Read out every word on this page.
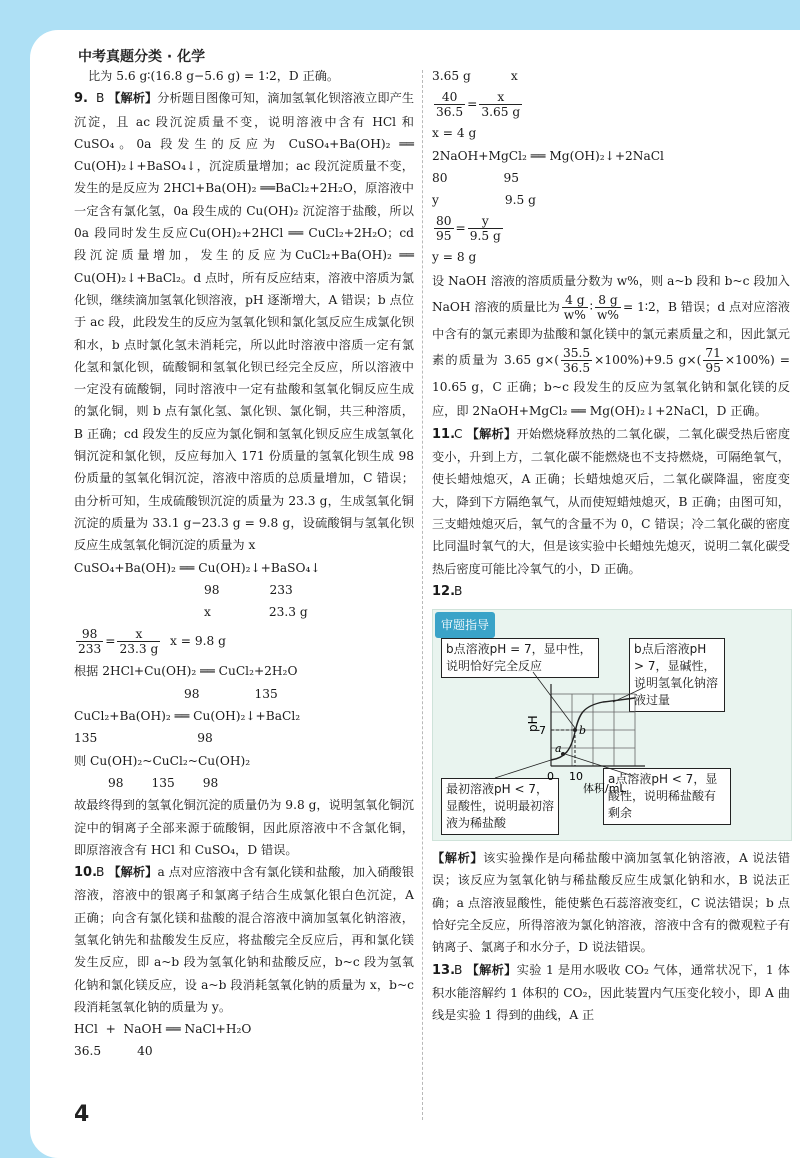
中考真题分类 · 化学

比为 5.6 g∶(16.8 g−5.6 g) = 1∶2，D 正确。

9. B 【解析】分析题目图像可知，滴加氢氧化钡溶液立即产生沉淀，且 ac 段沉淀质量不变，说明溶液中含有 HCl 和CuSO₄。0a 段发生的反应为 CuSO₄+Ba(OH)₂ ══ Cu(OH)₂↓+BaSO₄↓，沉淀质量增加；ac 段沉淀质量不变，发生的是反应为 2HCl+Ba(OH)₂ ══BaCl₂+2H₂O，原溶液中一定含有氯化氢，0a 段生成的 Cu(OH)₂ 沉淀溶于盐酸，所以 0a 段同时发生反应Cu(OH)₂+2HCl ══ CuCl₂+2H₂O；cd 段沉淀质量增加，发生的反应为CuCl₂+Ba(OH)₂ ══ Cu(OH)₂↓+BaCl₂。d 点时，所有反应结束，溶液中溶质为氯化钡，继续滴加氢氧化钡溶液，pH 逐渐增大，A 错误；b 点位于 ac 段，此段发生的反应为氢氧化钡和氯化氢反应生成氯化钡和水，b 点时氯化氢未消耗完，所以此时溶液中溶质一定有氯化氢和氯化钡，硫酸铜和氢氧化钡已经完全反应，所以溶液中一定没有硫酸铜，同时溶液中一定有盐酸和氢氧化铜反应生成的氯化铜，则 b 点有氯化氢、氯化钡、氯化铜，共三种溶质，B 正确；cd 段发生的反应为氯化铜和氢氧化钡反应生成氢氧化铜沉淀和氯化钡，反应每加入 171 份质量的氢氧化钡生成 98 份质量的氢氧化铜沉淀，溶液中溶质的总质量增加，C 错误；由分析可知，生成硫酸钡沉淀的质量为 23.3 g，生成氢氧化铜沉淀的质量为 33.1 g−23.3 g = 9.8 g，设硫酸铜与氢氧化钡反应生成氢氧化铜沉淀的质量为 x

CuSO₄+Ba(OH)₂ ══ Cu(OH)₂↓+BaSO₄↓

98	233

x	23.3 g

$\frac{98}{233} = \frac{x}{23.3 g}$ x = 9.8 g

根据 2HCl+Cu(OH)₂ ══ CuCl₂+2H₂O

98	135

CuCl₂+Ba(OH)₂ ══ Cu(OH)₂↓+BaCl₂

135	98

则 Cu(OH)₂~CuCl₂~Cu(OH)₂

98 135 98

故最终得到的氢氧化铜沉淀的质量仍为 9.8 g，说明氢氧化铜沉淀中的铜离子全部来源于硫酸铜，因此原溶液中不含氯化铜，即原溶液含有 HCl 和 CuSO₄，D 错误。

10.B 【解析】a 点对应溶液中含有氯化镁和盐酸，加入硝酸银溶液，溶液中的银离子和氯离子结合生成氯化银白色沉淀，A 正确；向含有氯化镁和盐酸的混合溶液中滴加氢氧化钠溶液，氢氧化钠先和盐酸发生反应，将盐酸完全反应后，再和氯化镁发生反应，即 a~b 段为氢氧化钠和盐酸反应，b~c 段为氢氧化钠和氯化镁反应，设 a~b 段消耗氢氧化钠的质量为 x，b~c 段消耗氢氧化钠的质量为 y。

HCl  +  NaOH ══ NaCl+H₂O

36.5	40

3.65 g	x

$\frac{40}{36.5} = \frac{x}{3.65 g}$

x = 4 g

2NaOH+MgCl₂ ══ Mg(OH)₂↓+2NaCl

80	95

y	9.5 g

$\frac{80}{95} = \frac{y}{9.5 g}$

y = 8 g

设 NaOH 溶液的溶质质量分数为 w%，则 a~b 段和 b~c 段加入 NaOH 溶液的质量比为 $\frac{4 g}{w\%}$ ∶ $\frac{8 g}{w\%}$ = 1∶2，B 错误；d 点对应溶液中含有的氯元素即为盐酸和氯化镁中的氯元素质量之和，因此氯元素的质量为 3.65 $g\times( \frac{35.5}{36.5} \times 100\%)+9.5$ $g\times( \frac{71}{95} \times 100\%) = 10.65$ g，C 正确；b~c 段发生的反应为氢氧化钠和氯化镁的反应，即 2NaOH+MgCl₂ ══ Mg(OH)₂↓+2NaCl，D 正确。

11.C 【解析】开始燃烧释放热的二氧化碳，二氧化碳受热后密度变小，升到上方，二氧化碳不能燃烧也不支持燃烧，可隔绝氧气，使长蜡烛熄灭，A 正确；长蜡烛熄灭后，二氧化碳降温，密度变大，降到下方隔绝氧气，从而使短蜡烛熄灭，B 正确；由图可知，三支蜡烛熄灭后，氧气的含量不为 0，C 错误；冷二氧化碳的密度比同温时氧气的大，但是该实验中长蜡烛先熄灭，说明二氧化碳受热后密度可能比冷氧气的小，D 正确。

12.B

审题指导
b点溶液pH = 7，显中性，说明恰好完全反应
b点后溶液pH > 7，显碱性，说明氢氧化钠溶液过量
最初溶液pH < 7，显酸性，说明最初溶液为稀盐酸
a点溶液pH < 7，显酸性，说明稀盐酸有剩余
pH 7
0 10
体积/mL
a
b

【解析】该实验操作是向稀盐酸中滴加氢氧化钠溶液，A 说法错误；该反应为氢氧化钠与稀盐酸反应生成氯化钠和水，B 说法正确；a 点溶液显酸性，能使紫色石蕊溶液变红，C 说法错误；b 点恰好完全反应，所得溶液为氯化钠溶液，溶液中含有的微观粒子有钠离子、氯离子和水分子，D 说法错误。

13.B 【解析】实验 1 是用水吸收 CO₂ 气体，通常状况下，1 体积水能溶解约 1 体积的 CO₂，因此装置内气压变化较小，即 A 曲线是实验 1 得到的曲线，A 正

4
